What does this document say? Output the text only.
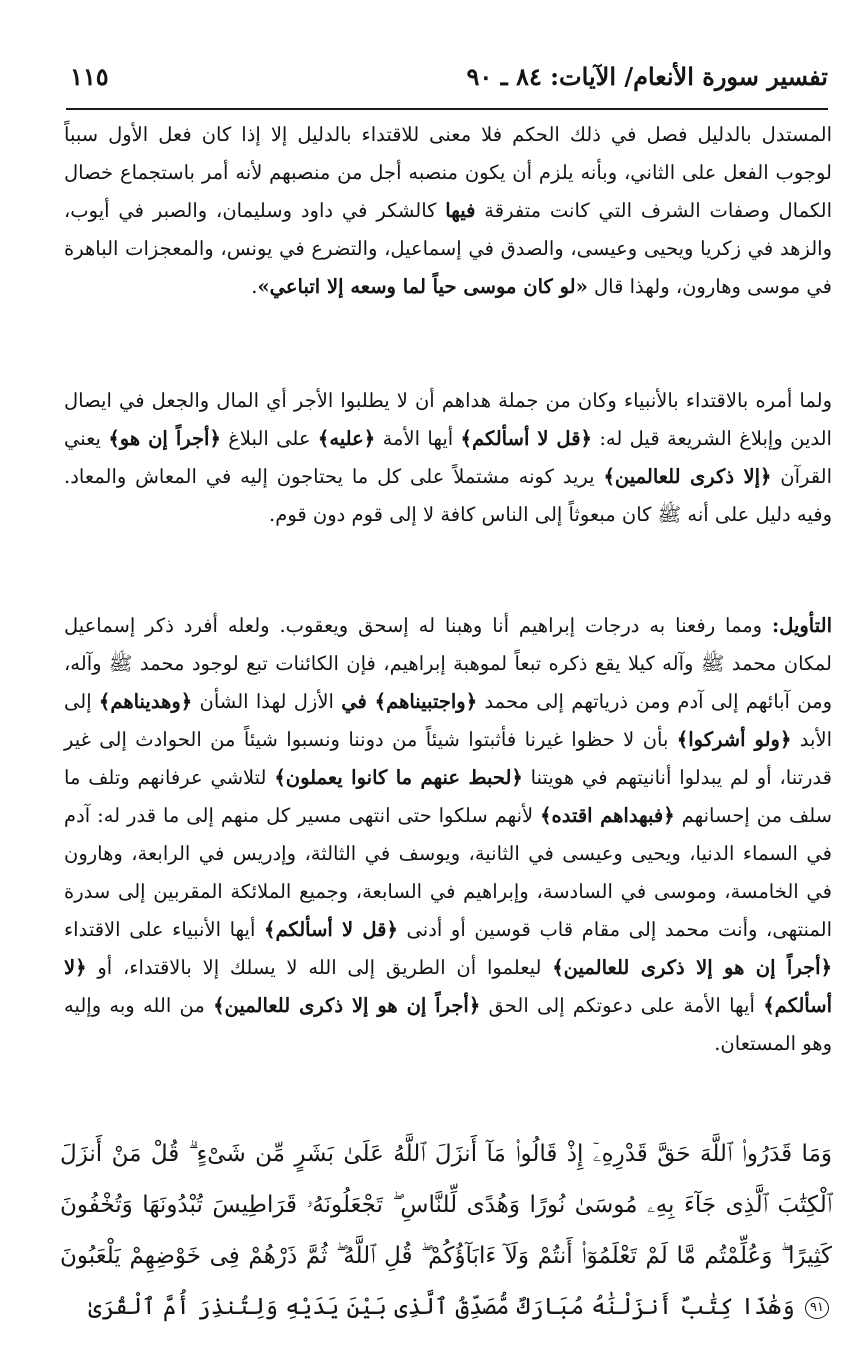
تفسير سورة الأنعام/ الآيات: ٨٤ ـ ٩٠
١١٥

المستدل بالدليل فصل في ذلك الحكم فلا معنى للاقتداء بالدليل إلا إذا كان فعل الأول سبباً لوجوب الفعل على الثاني، وبأنه يلزم أن يكون منصبه أجل من منصبهم لأنه أمر باستجماع خصال الكمال وصفات الشرف التي كانت متفرقة فيها كالشكر في داود وسليمان، والصبر في أيوب، والزهد في زكريا ويحيى وعيسى، والصدق في إسماعيل، والتضرع في يونس، والمعجزات الباهرة في موسى وهارون، ولهذا قال «لو كان موسى حياً لما وسعه إلا اتباعي».

ولما أمره بالاقتداء بالأنبياء وكان من جملة هداهم أن لا يطلبوا الأجر أي المال والجعل في ايصال الدين وإبلاغ الشريعة قيل له: ﴿قل لا أسألكم﴾ أيها الأمة ﴿عليه﴾ على البلاغ ﴿أجراً إن هو﴾ يعني القرآن ﴿إلا ذكرى للعالمين﴾ يريد كونه مشتملاً على كل ما يحتاجون إليه في المعاش والمعاد. وفيه دليل على أنه ﷺ كان مبعوثاً إلى الناس كافة لا إلى قوم دون قوم.

التأويل: ومما رفعنا به درجات إبراهيم أنا وهبنا له إسحق ويعقوب. ولعله أفرد ذكر إسماعيل لمكان محمد ﷺ وآله كيلا يقع ذكره تبعاً لموهبة إبراهيم، فإن الكائنات تبع لوجود محمد ﷺ وآله، ومن آبائهم إلى آدم ومن ذرياتهم إلى محمد ﴿واجتبيناهم﴾ في الأزل لهذا الشأن ﴿وهديناهم﴾ إلى الأبد ﴿ولو أشركوا﴾ بأن لا حظوا غيرنا فأثبتوا شيئاً من دوننا ونسبوا شيئاً من الحوادث إلى غير قدرتنا، أو لم يبدلوا أنانيتهم في هويتنا ﴿لحبط عنهم ما كانوا يعملون﴾ لتلاشي عرفانهم وتلف ما سلف من إحسانهم ﴿فبهداهم اقتده﴾ لأنهم سلكوا حتى انتهى مسير كل منهم إلى ما قدر له: آدم في السماء الدنيا، ويحيى وعيسى في الثانية، ويوسف في الثالثة، وإدريس في الرابعة، وهارون في الخامسة، وموسى في السادسة، وإبراهيم في السابعة، وجميع الملائكة المقربين إلى سدرة المنتهى، وأنت محمد إلى مقام قاب قوسين أو أدنى ﴿قل لا أسألكم﴾ أيها الأنبياء على الاقتداء ﴿أجراً إن هو إلا ذكرى للعالمين﴾ ليعلموا أن الطريق إلى الله لا يسلك إلا بالاقتداء، أو ﴿لا أسألكم﴾ أيها الأمة على دعوتكم إلى الحق ﴿أجراً إن هو إلا ذكرى للعالمين﴾ من الله وبه وإليه وهو المستعان.

وَمَا قَدَرُوا۟ ٱللَّهَ حَقَّ قَدْرِهِۦٓ إِذْ قَالُوا۟ مَآ أَنزَلَ ٱللَّهُ عَلَىٰ بَشَرٍ مِّن شَىْءٍ ۗ قُلْ مَنْ أَنزَلَ ٱلْكِتَٰبَ ٱلَّذِى جَآءَ بِهِۦ مُوسَىٰ نُورًا وَهُدًى لِّلنَّاسِ ۖ تَجْعَلُونَهُۥ قَرَاطِيسَ تُبْدُونَهَا وَتُخْفُونَ كَثِيرًا ۖ وَعُلِّمْتُم مَّا لَمْ تَعْلَمُوٓا۟ أَنتُمْ وَلَآ ءَابَآؤُكُمْ ۖ قُلِ ٱللَّهُ ۖ ثُمَّ ذَرْهُمْ فِى خَوْضِهِمْ يَلْعَبُونَ ٩١ وَهَٰذَا كِتَٰبٌ أَنزَلْنَٰهُ مُبَارَكٌ مُّصَدِّقُ ٱلَّذِى بَيْنَ يَدَيْهِ وَلِتُنذِرَ أُمَّ ٱلْقُرَىٰ
